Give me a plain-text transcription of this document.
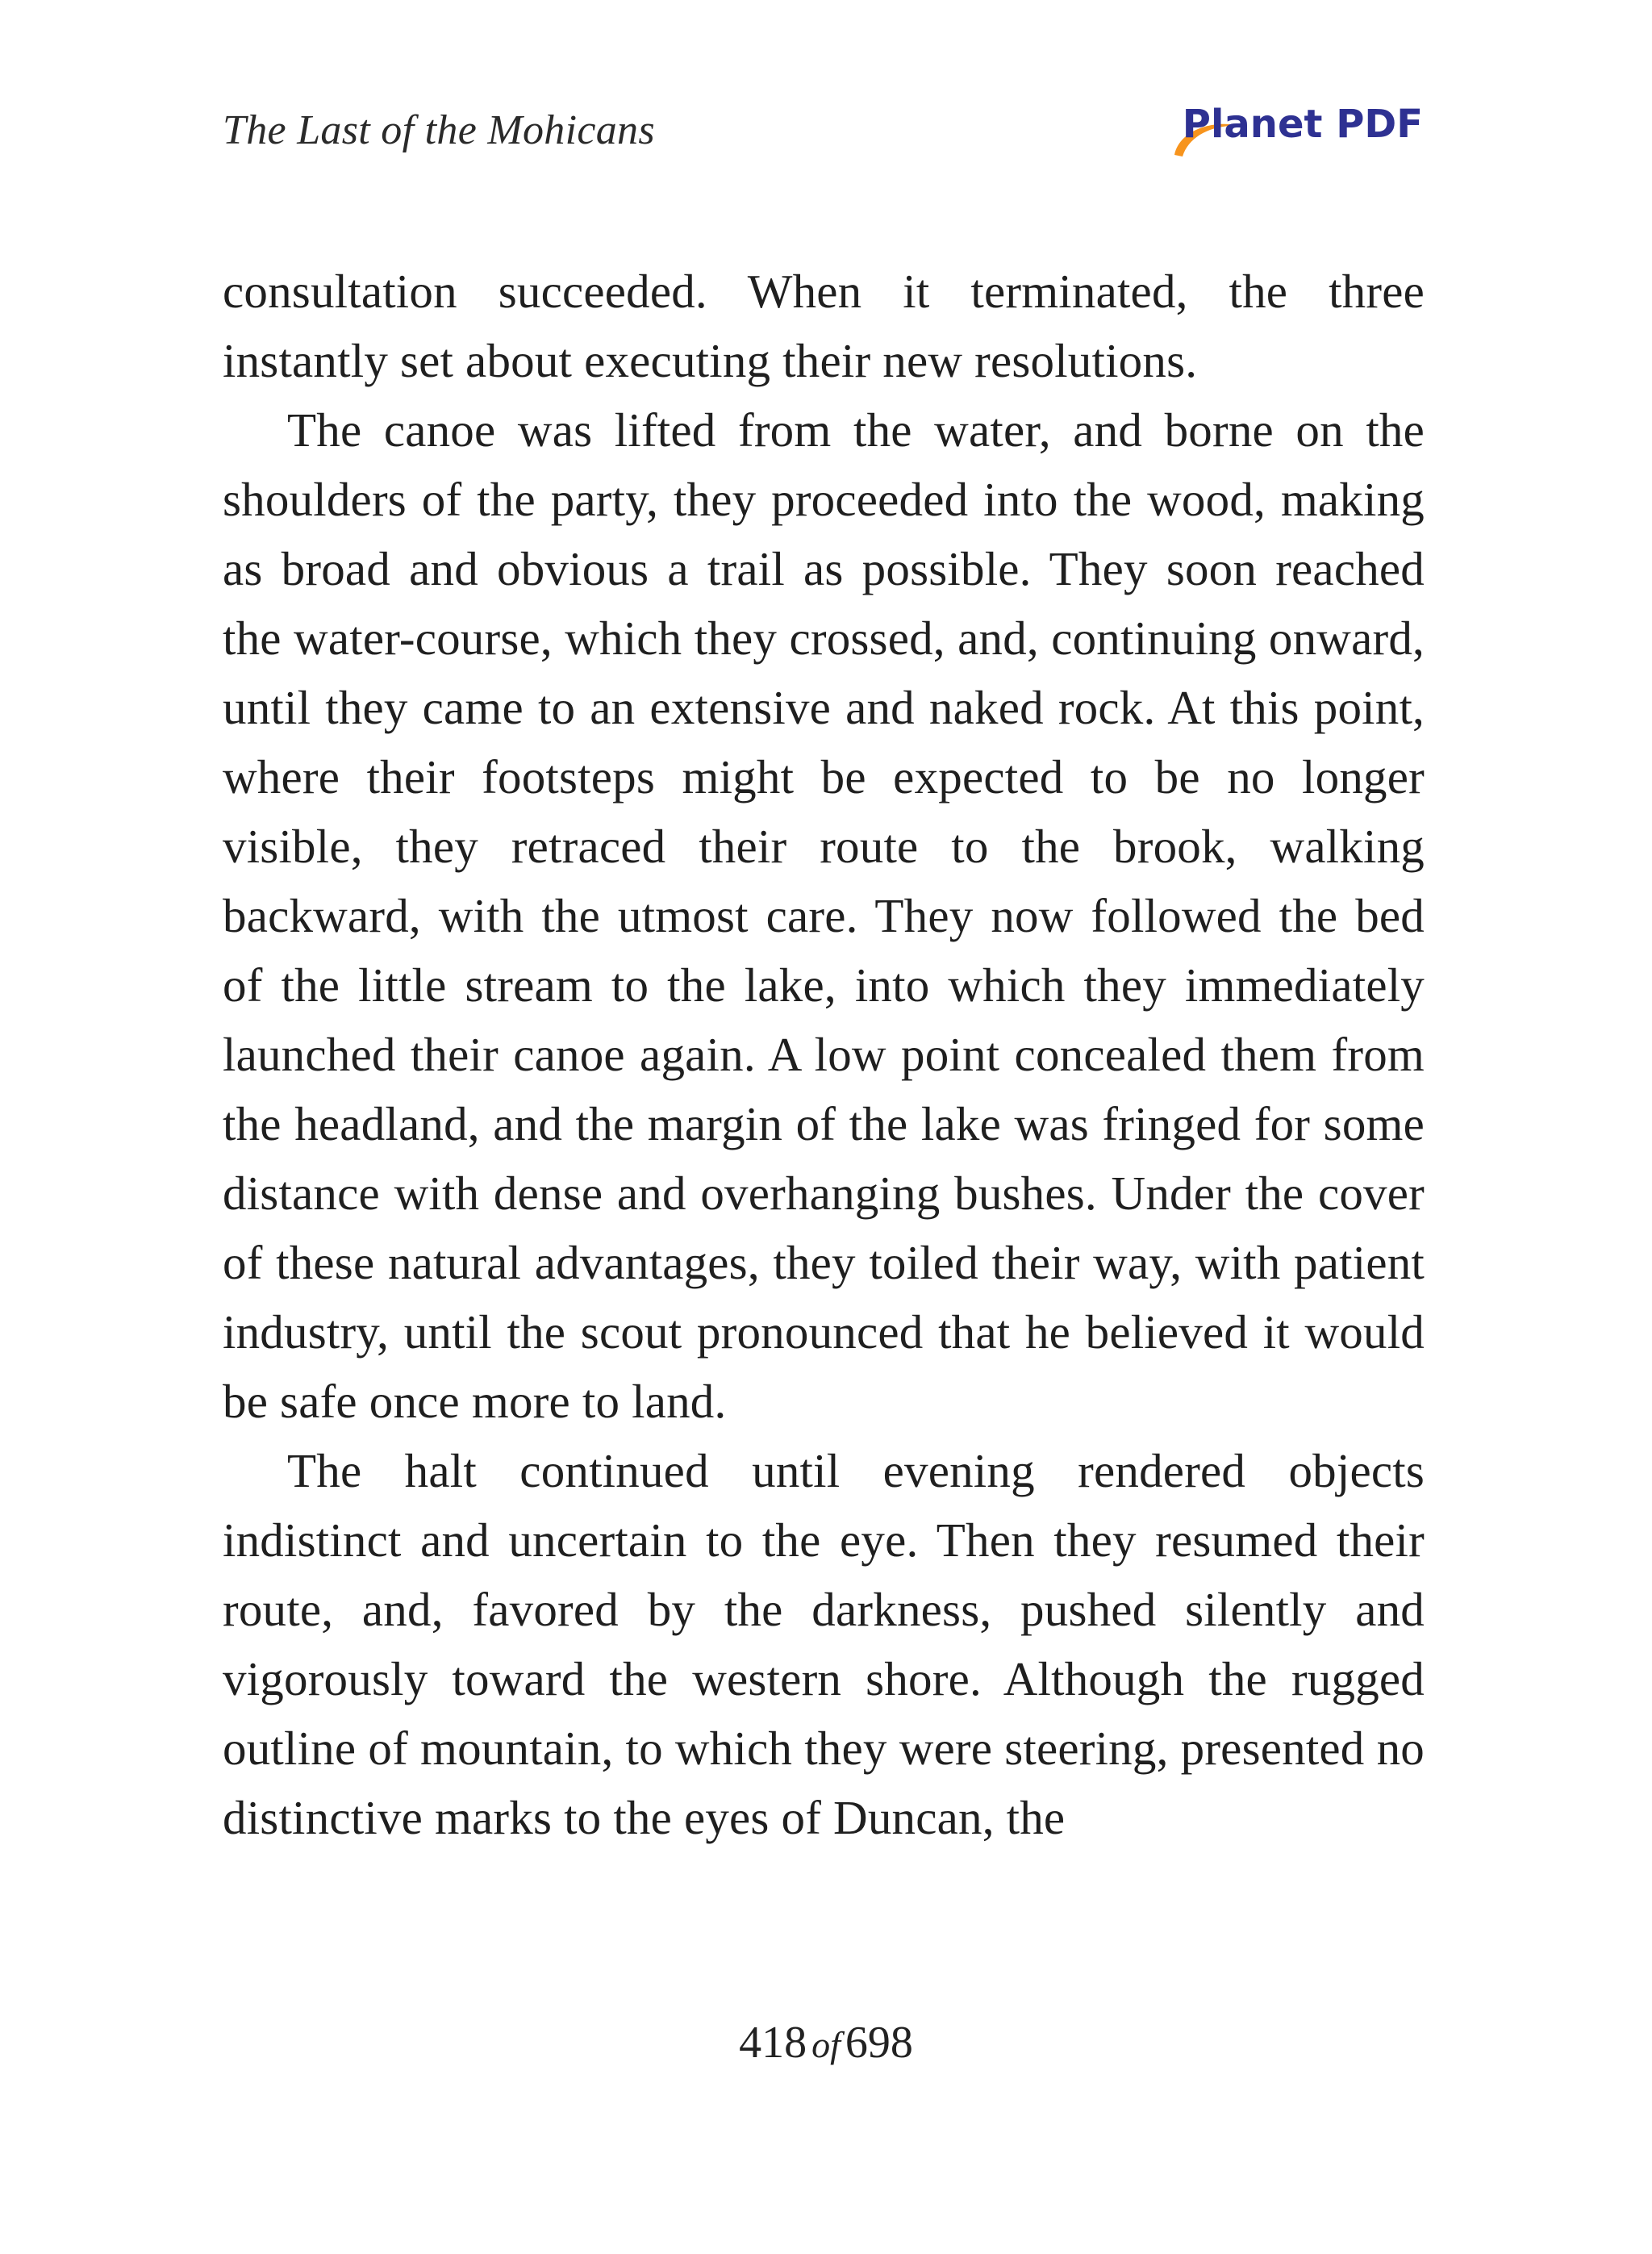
The Last of the Mohicans	Planet PDF

consultation succeeded. When it terminated, the three instantly set about executing their new resolutions.

The canoe was lifted from the water, and borne on the shoulders of the party, they proceeded into the wood, making as broad and obvious a trail as possible. They soon reached the water-course, which they crossed, and, continuing onward, until they came to an extensive and naked rock. At this point, where their footsteps might be expected to be no longer visible, they retraced their route to the brook, walking backward, with the utmost care. They now followed the bed of the little stream to the lake, into which they immediately launched their canoe again. A low point concealed them from the headland, and the margin of the lake was fringed for some distance with dense and overhanging bushes. Under the cover of these natural advantages, they toiled their way, with patient industry, until the scout pronounced that he believed it would be safe once more to land.

The halt continued until evening rendered objects indistinct and uncertain to the eye. Then they resumed their route, and, favored by the darkness, pushed silently and vigorously toward the western shore. Although the rugged outline of mountain, to which they were steering, presented no distinctive marks to the eyes of Duncan, the

418 of 698
